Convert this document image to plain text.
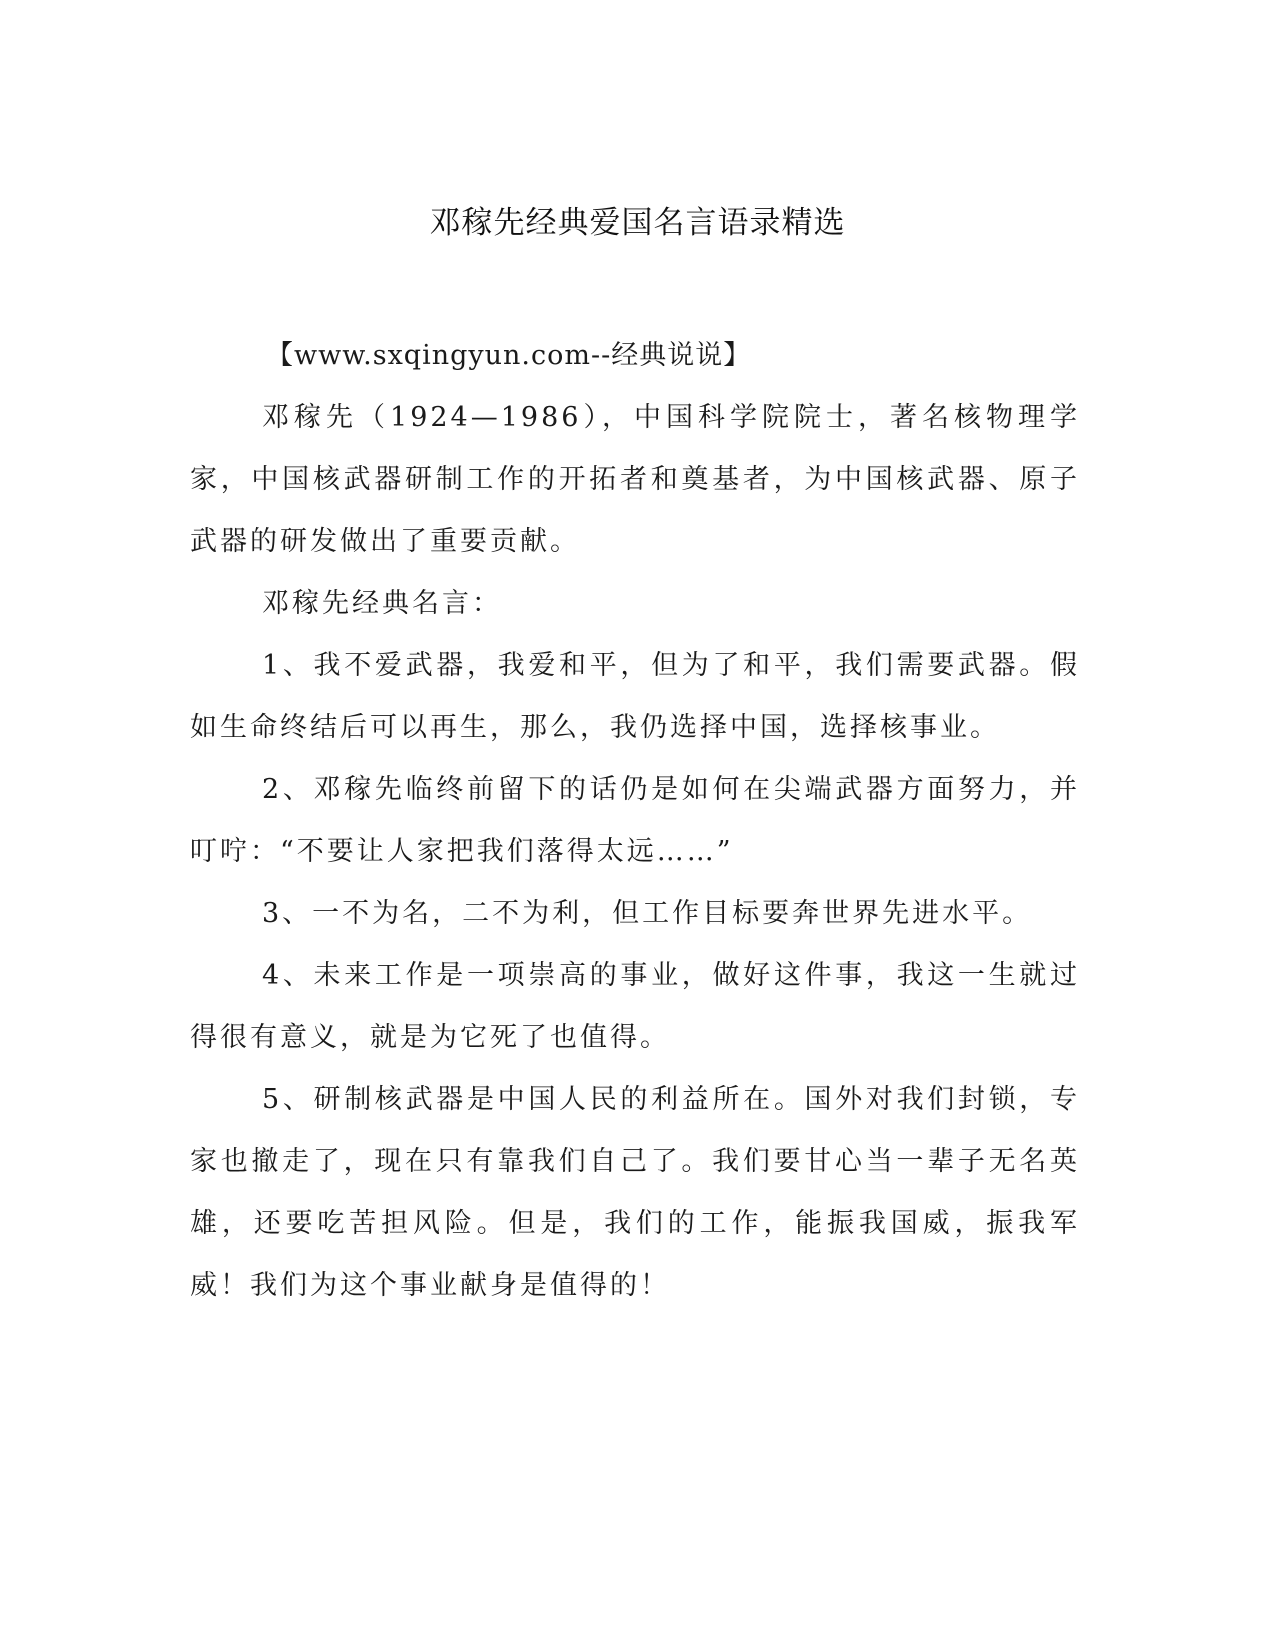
邓稼先经典爱国名言语录精选

【www.sxqingyun.com--经典说说】

邓稼先（1924—1986），中国科学院院士，著名核物理学家，中国核武器研制工作的开拓者和奠基者，为中国核武器、原子武器的研发做出了重要贡献。

邓稼先经典名言：

1、我不爱武器，我爱和平，但为了和平，我们需要武器。假如生命终结后可以再生，那么，我仍选择中国，选择核事业。

2、邓稼先临终前留下的话仍是如何在尖端武器方面努力，并叮咛：“不要让人家把我们落得太远……”

3、一不为名，二不为利，但工作目标要奔世界先进水平。

4、未来工作是一项崇高的事业，做好这件事，我这一生就过得很有意义，就是为它死了也值得。

5、研制核武器是中国人民的利益所在。国外对我们封锁，专家也撤走了，现在只有靠我们自己了。我们要甘心当一辈子无名英雄，还要吃苦担风险。但是，我们的工作，能振我国威，振我军威！我们为这个事业献身是值得的！
